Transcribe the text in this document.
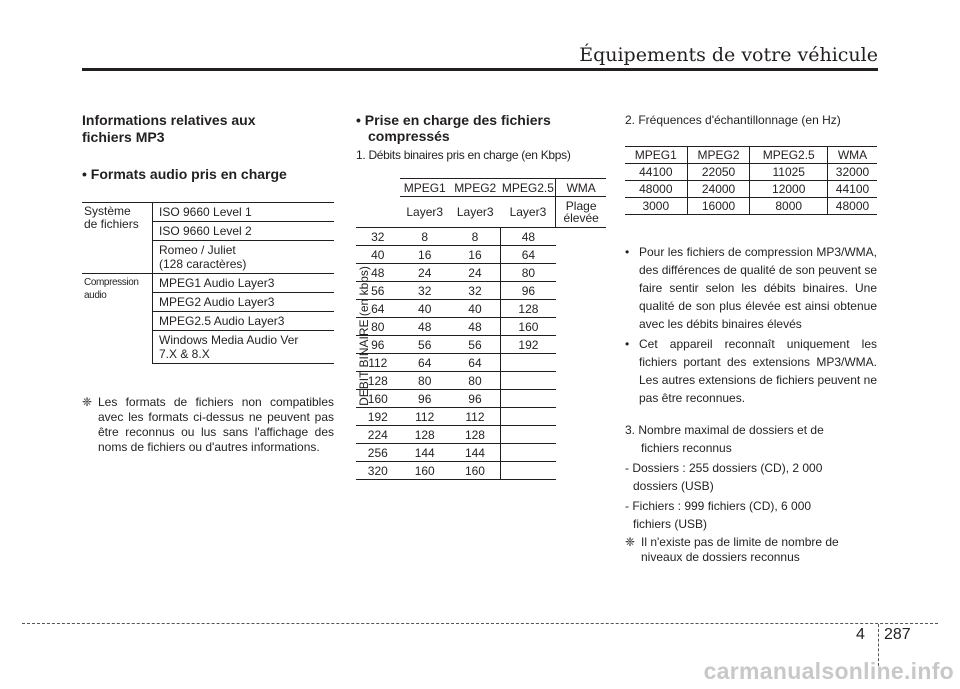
Équipements de votre véhicule
Informations relatives aux
fichiers MP3
• Formats audio pris en charge
Système
de fichiers	ISO 9660 Level 1
	ISO 9660 Level 2

	Romeo / Juliet
(128 caractères)

Compression
audio	MPEG1 Audio Layer3
	MPEG2 Audio Layer3
	MPEG2.5 Audio Layer3

	Windows Media Audio Ver
7.X & 8.X
❈ Les formats de fichiers non compatibles avec les formats ci-dessus ne peuvent pas être reconnus ou lus sans l'affichage des noms de fichiers ou d'autres informations.
• Prise en charge des fichiers
compressés
1. Débits binaires pris en charge (en Kbps)
	MPEG1	MPEG2	MPEG2.5	WMA
	Layer3	Layer3	Layer3	Plage
élevée

32	8	8	48	
40	16	16	64	
48	24	24	80	
56	32	32	96	
64	40	40	128	
80	48	48	160	
96	56	56	192	
112	64	64		
128	80	80		
160	96	96		
192	112	112		
224	128	128		
256	144	144		
320	160	160		
DEBIT BINAIRE (en kbps)
2. Fréquences d'échantillonnage (en Hz)
MPEG1	MPEG2	MPEG2.5	WMA
44100	22050	11025	32000
48000	24000	12000	44100
3000	16000	8000	48000
• Pour les fichiers de compression MP3/WMA, des différences de qualité de son peuvent se faire sentir selon les débits binaires. Une qualité de son plus élevée est ainsi obtenue avec les débits binaires élevés
• Cet appareil reconnaît uniquement les fichiers portant des extensions MP3/WMA. Les autres extensions de fichiers peuvent ne pas être reconnues.
3. Nombre maximal de dossiers et de
fichiers reconnus
- Dossiers : 255 dossiers (CD), 2 000
dossiers (USB)
- Fichiers : 999 fichiers (CD), 6 000
fichiers (USB)
❈ Il n'existe pas de limite de nombre de
niveaux de dossiers reconnus
4 287
carmanualsonline.info
